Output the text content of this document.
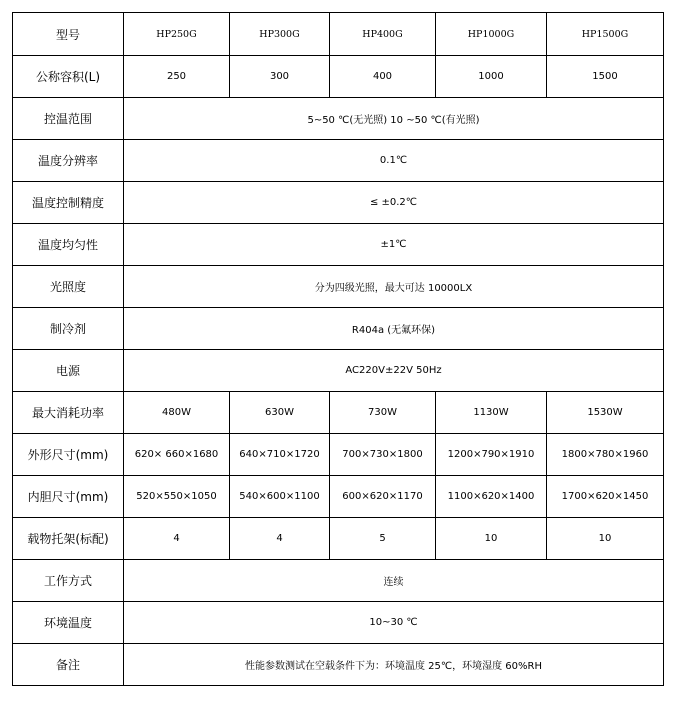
型号	HP250G	HP300G	HP400G	HP1000G	HP1500G
公称容积(L)	250	300	400	1000	1500
控温范围	5~50 ℃(无光照) 10 ~50 ℃(有光照)				
温度分辨率	0.1℃				
温度控制精度	≤ ±0.2℃				
温度均匀性	±1℃				
光照度	分为四级光照，最大可达 10000LX				
制冷剂	R404a (无氟环保)				
电源	AC220V±22V 50Hz				
最大消耗功率	480W	630W	730W	1130W	1530W
外形尺寸(mm)	620× 660×1680	640×710×1720	700×730×1800	1200×790×1910	1800×780×1960
内胆尺寸(mm)	520×550×1050	540×600×1100	600×620×1170	1100×620×1400	1700×620×1450
载物托架(标配)	4	4	5	10	10
工作方式	连续				
环境温度	10~30 ℃				
备注	性能参数测试在空载条件下为：环境温度 25℃，环境湿度 60%RH				
